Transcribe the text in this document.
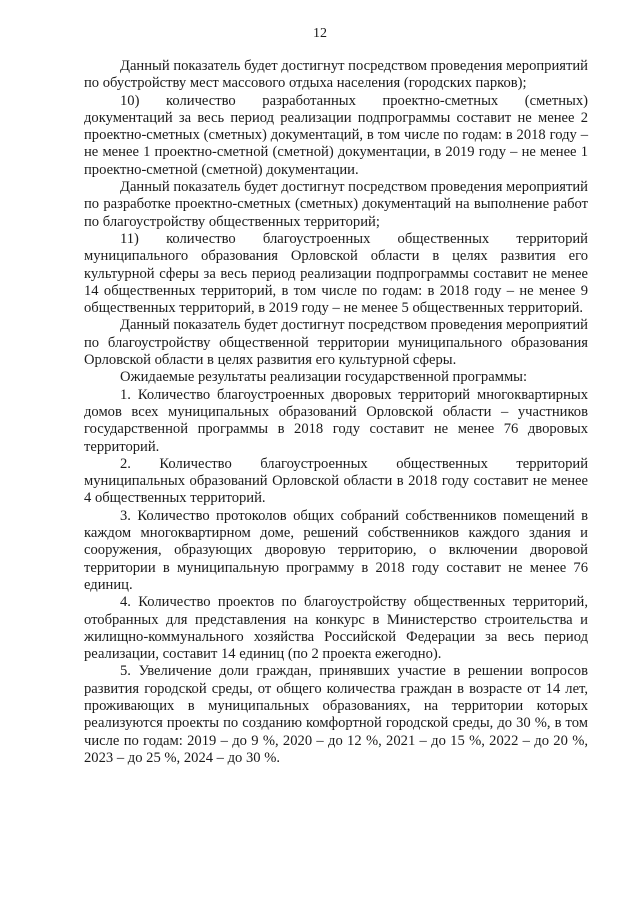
12

Данный показатель будет достигнут посредством проведения мероприятий по обустройству мест массового отдыха населения (городских парков);

10) количество разработанных проектно-сметных (сметных) документаций за весь период реализации подпрограммы составит не менее 2 проектно-сметных (сметных) документаций, в том числе по годам: в 2018 году – не менее 1 проектно-сметной (сметной) документации, в 2019 году – не менее 1 проектно-сметной (сметной) документации.

Данный показатель будет достигнут посредством проведения мероприятий по разработке проектно-сметных (сметных) документаций на выполнение работ по благоустройству общественных территорий;

11) количество благоустроенных общественных территорий муниципального образования Орловской области в целях развития его культурной сферы за весь период реализации подпрограммы составит не менее 14 общественных территорий, в том числе по годам: в 2018 году – не менее 9 общественных территорий, в 2019 году – не менее 5 общественных территорий.

Данный показатель будет достигнут посредством проведения мероприятий по благоустройству общественной территории муниципального образования Орловской области в целях развития его культурной сферы.

Ожидаемые результаты реализации государственной программы:

1. Количество благоустроенных дворовых территорий многоквартирных домов всех муниципальных образований Орловской области – участников государственной программы в 2018 году составит не менее 76 дворовых территорий.

2. Количество благоустроенных общественных территорий муниципальных образований Орловской области в 2018 году составит не менее 4 общественных территорий.

3. Количество протоколов общих собраний собственников помещений в каждом многоквартирном доме, решений собственников каждого здания и сооружения, образующих дворовую территорию, о включении дворовой территории в муниципальную программу в 2018 году составит не менее 76 единиц.

4. Количество проектов по благоустройству общественных территорий, отобранных для представления на конкурс в Министерство строительства и жилищно-коммунального хозяйства Российской Федерации за весь период реализации, составит 14 единиц (по 2 проекта ежегодно).

5. Увеличение доли граждан, принявших участие в решении вопросов развития городской среды, от общего количества граждан в возрасте от 14 лет, проживающих в муниципальных образованиях, на территории которых реализуются проекты по созданию комфортной городской среды, до 30 %, в том числе по годам: 2019 – до 9 %, 2020 – до 12 %, 2021 – до 15 %, 2022 – до 20 %, 2023 – до 25 %, 2024 – до 30 %.
